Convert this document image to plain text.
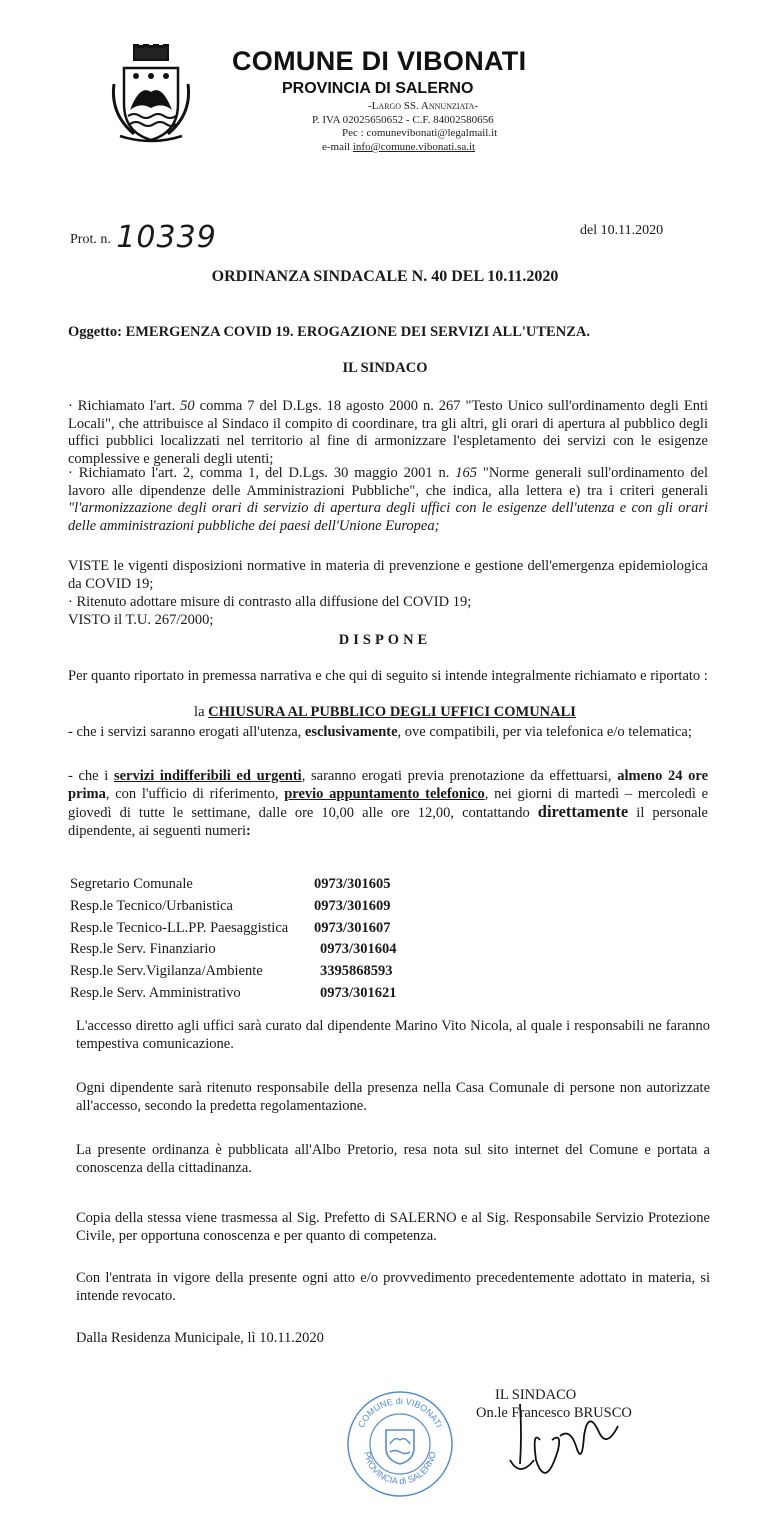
COMUNE DI VIBONATI
PROVINCIA DI SALERNO
-Largo SS. Annunziata-
P. IVA 02025650652 - C.F. 84002580656
Pec : comunevibonati@legalmail.it
e-mail info@comune.vibonati.sa.it
Prot. n. 10339	del 10.11.2020
ORDINANZA SINDACALE N. 40 DEL 10.11.2020
Oggetto: EMERGENZA COVID 19. EROGAZIONE DEI SERVIZI ALL'UTENZA.
IL SINDACO
· Richiamato l'art. 50 comma 7 del D.Lgs. 18 agosto 2000 n. 267 "Testo Unico sull'ordinamento degli Enti Locali", che attribuisce al Sindaco il compito di coordinare, tra gli altri, gli orari di apertura al pubblico degli uffici pubblici localizzati nel territorio al fine di armonizzare l'espletamento dei servizi con le esigenze complessive e generali degli utenti;
· Richiamato l'art. 2, comma 1, del D.Lgs. 30 maggio 2001 n. 165 "Norme generali sull'ordinamento del lavoro alle dipendenze delle Amministrazioni Pubbliche", che indica, alla lettera e) tra i criteri generali "l'armonizzazione degli orari di servizio di apertura degli uffici con le esigenze dell'utenza e con gli orari delle amministrazioni pubbliche dei paesi dell'Unione Europea;
VISTE le vigenti disposizioni normative in materia di prevenzione e gestione dell'emergenza epidemiologica da COVID 19;
· Ritenuto adottare misure di contrasto alla diffusione del COVID 19;
VISTO il T.U. 267/2000;
DISPONE
Per quanto riportato in premessa narrativa e che qui di seguito si intende integralmente richiamato e riportato :
la CHIUSURA AL PUBBLICO DEGLI UFFICI COMUNALI
- che i servizi saranno erogati all'utenza, esclusivamente, ove compatibili, per via telefonica e/o telematica;
- che i servizi indifferibili ed urgenti, saranno erogati previa prenotazione da effettuarsi, almeno 24 ore prima, con l'ufficio di riferimento, previo appuntamento telefonico, nei giorni di martedì – mercoledì e giovedì di tutte le settimane, dalle ore 10,00 alle ore 12,00, contattando direttamente il personale dipendente, ai seguenti numeri:
Segretario Comunale	0973/301605
Resp.le Tecnico/Urbanistica	0973/301609
Resp.le Tecnico-LL.PP. Paesaggistica	0973/301607
Resp.le Serv. Finanziario	0973/301604
Resp.le Serv.Vigilanza/Ambiente	3395868593
Resp.le Serv. Amministrativo	0973/301621
L'accesso diretto agli uffici sarà curato dal dipendente Marino Vito Nicola, al quale i responsabili ne faranno tempestiva comunicazione.
Ogni dipendente sarà ritenuto responsabile della presenza nella Casa Comunale di persone non autorizzate all'accesso, secondo la predetta regolamentazione.
La presente ordinanza è pubblicata all'Albo Pretorio, resa nota sul sito internet del Comune e portata a conoscenza della cittadinanza.
Copia della stessa viene trasmessa al Sig. Prefetto di SALERNO e al Sig. Responsabile Servizio Protezione Civile, per opportuna conoscenza e per quanto di competenza.
Con l'entrata in vigore della presente ogni atto e/o provvedimento precedentemente adottato in materia, si intende revocato.
Dalla Residenza Municipale, lì 10.11.2020
COMUNE di VIBONATI
PROVINCIA di SALERNO
IL SINDACO
On.le Francesco BRUSCO
